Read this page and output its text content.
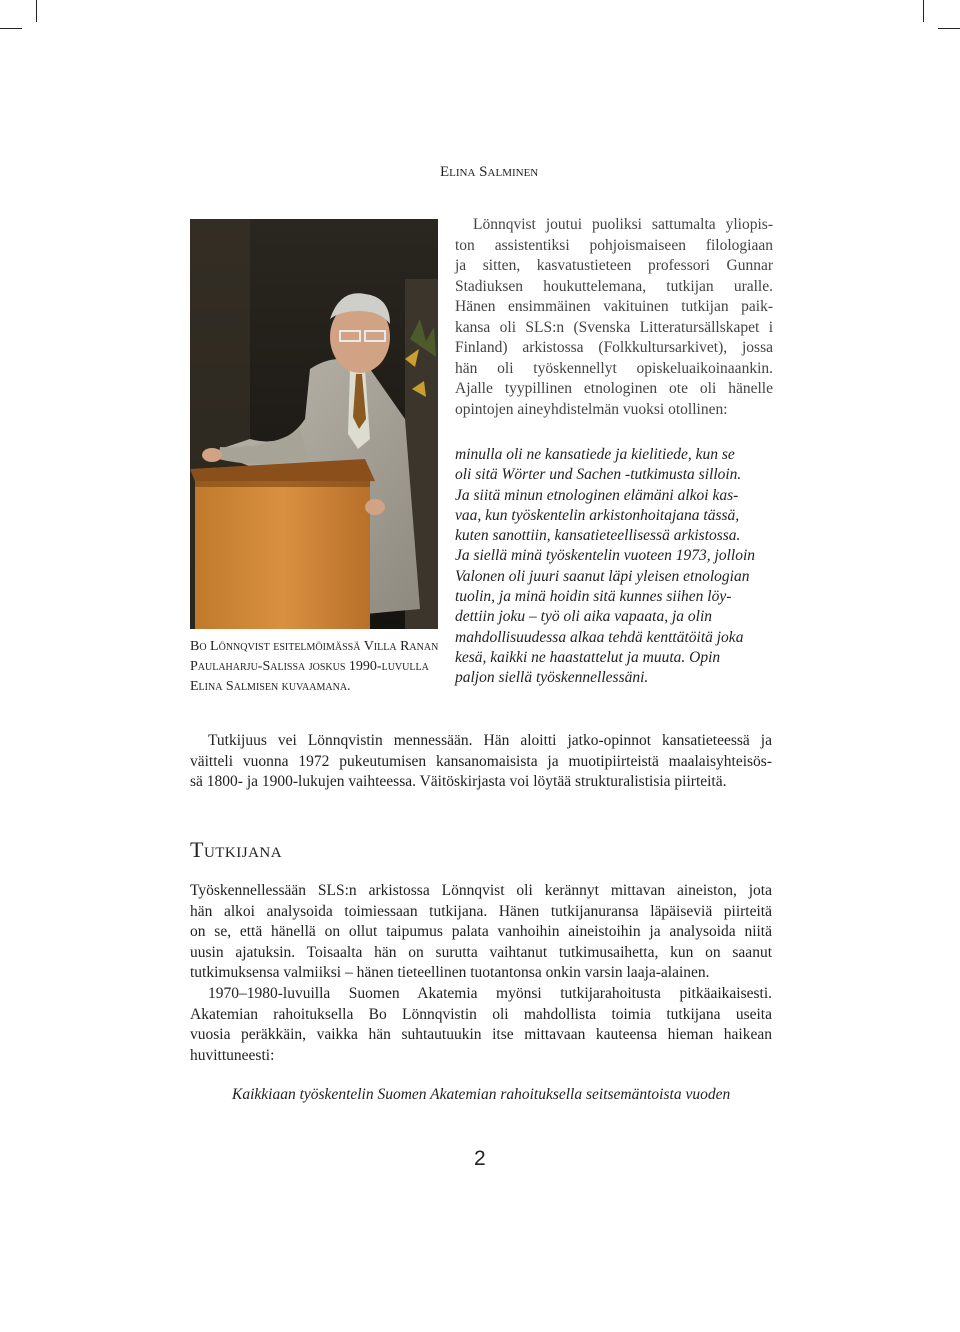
Elina Salminen
Bo Lönnqvist esitelmöimässä Villa Ranan
Paulaharju-Salissa joskus 1990-luvulla
Elina Salmisen kuvaamana.
Lönnqvist joutui puoliksi sattumalta yliopis-
ton assistentiksi pohjoismaiseen filologiaan
ja sitten, kasvatustieteen professori Gunnar
Stadiuksen houkuttelemana, tutkijan uralle.
Hänen ensimmäinen vakituinen tutkijan paik-
kansa oli SLS:n (Svenska Litteratursällskapet i
Finland) arkistossa (Folkkultursarkivet), jossa
hän oli työskennellyt opiskeluaikoinaankin.
Ajalle tyypillinen etnologinen ote oli hänelle
opintojen aineyhdistelmän vuoksi otollinen:
minulla oli ne kansatiede ja kielitiede, kun se
oli sitä Wörter und Sachen -tutkimusta silloin.
Ja siitä minun etnologinen elämäni alkoi kas-
vaa, kun työskentelin arkistonhoitajana tässä,
kuten sanottiin, kansatieteellisessä arkistossa.
Ja siellä minä työskentelin vuoteen 1973, jolloin
Valonen oli juuri saanut läpi yleisen etnologian
tuolin, ja minä hoidin sitä kunnes siihen löy-
dettiin joku – työ oli aika vapaata, ja olin
mahdollisuudessa alkaa tehdä kenttätöitä joka
kesä, kaikki ne haastattelut ja muuta. Opin
paljon siellä työskennellessäni.
Tutkijuus vei Lönnqvistin mennessään. Hän aloitti jatko-opinnot kansatieteessä ja
väitteli vuonna 1972 pukeutumisen kansanomaisista ja muotipiirteistä maalaisyhteisös-
sä 1800- ja 1900-lukujen vaihteessa. Väitöskirjasta voi löytää strukturalistisia piirteitä.
Tutkijana
Työskennellessään SLS:n arkistossa Lönnqvist oli kerännyt mittavan aineiston, jota
hän alkoi analysoida toimiessaan tutkijana. Hänen tutkijanuransa läpäiseviä piirteitä
on se, että hänellä on ollut taipumus palata vanhoihin aineistoihin ja analysoida niitä
uusin ajatuksin. Toisaalta hän on surutta vaihtanut tutkimusaihetta, kun on saanut
tutkimuksensa valmiiksi – hänen tieteellinen tuotantonsa onkin varsin laaja-alainen.
1970–1980-luvuilla Suomen Akatemia myönsi tutkijarahoitusta pitkäaikaisesti.
Akatemian rahoituksella Bo Lönnqvistin oli mahdollista toimia tutkijana useita
vuosia peräkkäin, vaikka hän suhtautuukin itse mittavaan kauteensa hieman haikean
huvittuneesti:
Kaikkiaan työskentelin Suomen Akatemian rahoituksella seitsemäntoista vuoden
2
